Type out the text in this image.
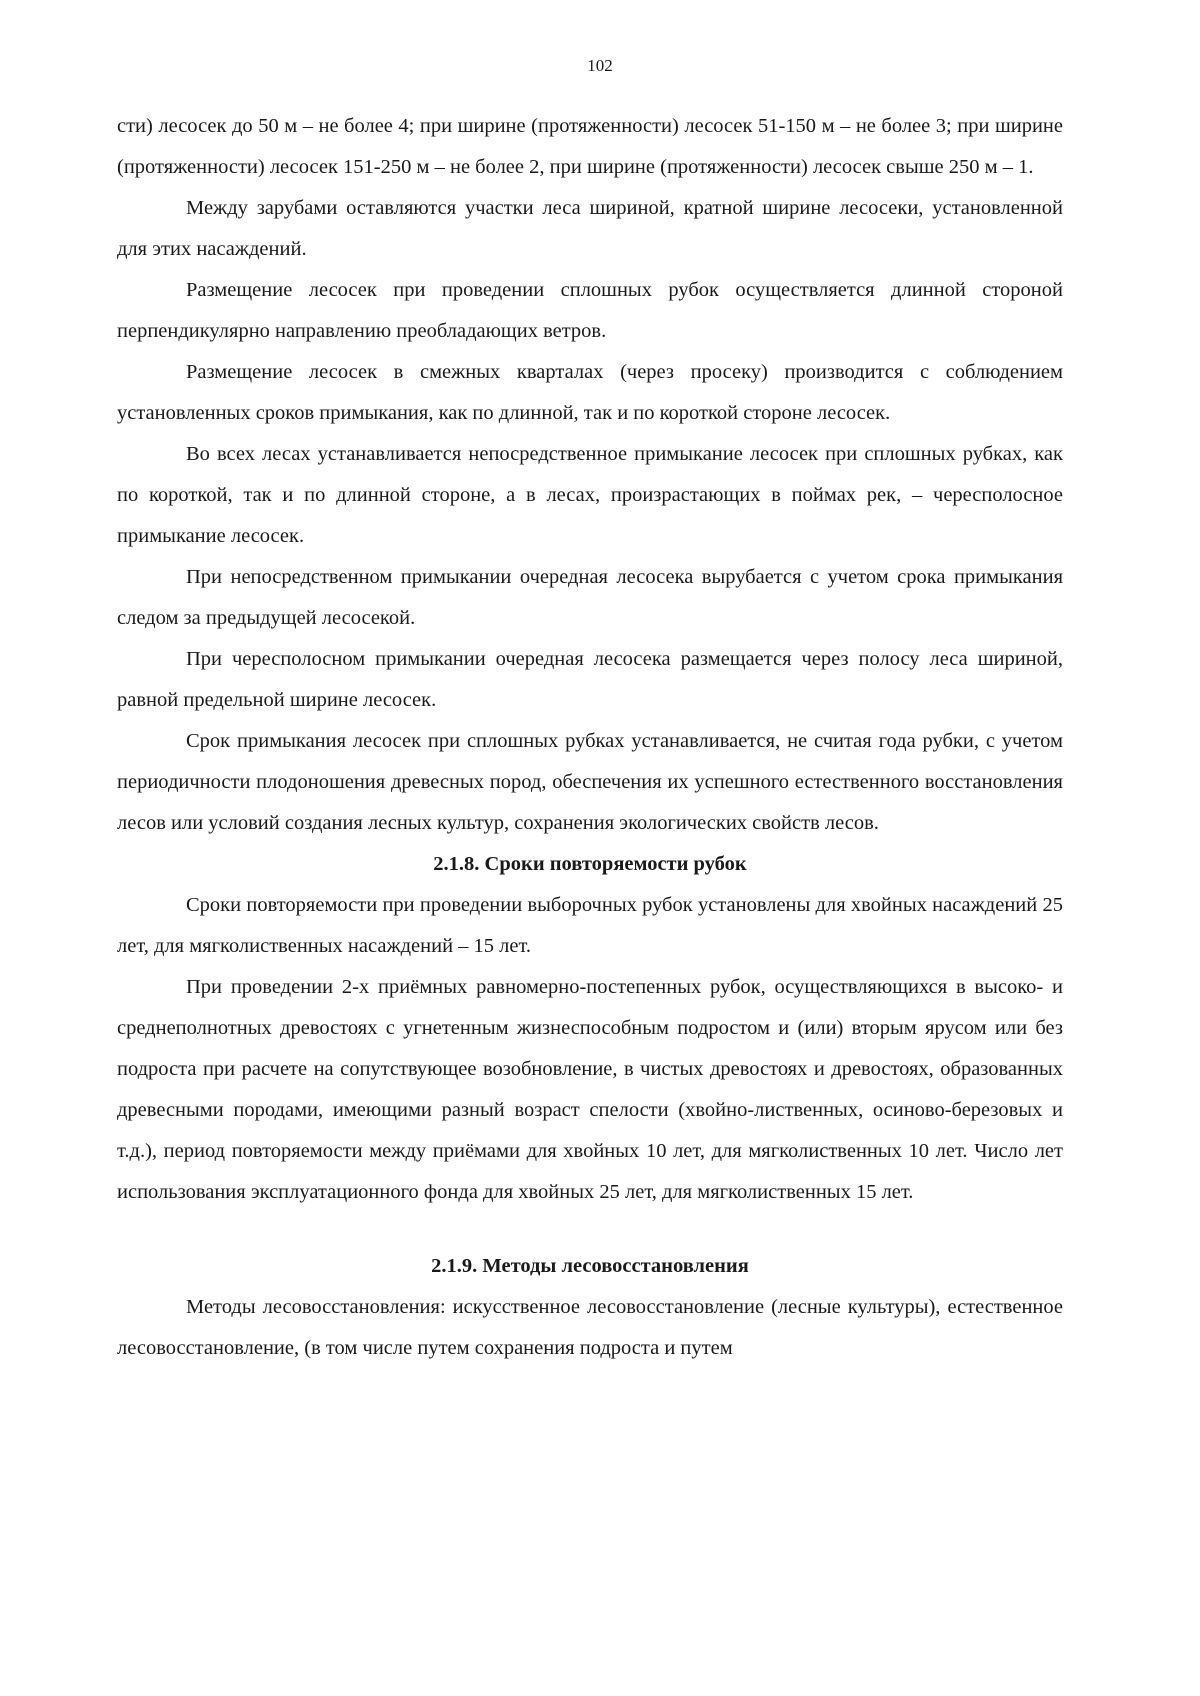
102

сти) лесосек до 50 м – не более 4; при ширине (протяженности) лесосек 51-150 м – не более 3; при ширине (протяженности) лесосек 151-250 м – не более 2, при ширине (протяженности) лесосек свыше 250 м – 1.

Между зарубами оставляются участки леса шириной, кратной ширине лесосеки, установленной для этих насаждений.

Размещение лесосек при проведении сплошных рубок осуществляется длинной стороной перпендикулярно направлению преобладающих ветров.

Размещение лесосек в смежных кварталах (через просеку) производится с соблюдением установленных сроков примыкания, как по длинной, так и по короткой стороне лесосек.

Во всех лесах устанавливается непосредственное примыкание лесосек при сплошных рубках, как по короткой, так и по длинной стороне, а в лесах, произрастающих в поймах рек, – чересполосное примыкание лесосек.

При непосредственном примыкании очередная лесосека вырубается с учетом срока примыкания следом за предыдущей лесосекой.

При чересполосном примыкании очередная лесосека размещается через полосу леса шириной, равной предельной ширине лесосек.

Срок примыкания лесосек при сплошных рубках устанавливается, не считая года рубки, с учетом периодичности плодоношения древесных пород, обеспечения их успешного естественного восстановления лесов или условий создания лесных культур, сохранения экологических свойств лесов.

2.1.8. Сроки повторяемости рубок

Сроки повторяемости при проведении выборочных рубок установлены для хвойных насаждений 25 лет, для мягколиственных насаждений – 15 лет.

При проведении 2-х приёмных равномерно-постепенных рубок, осуществляющихся в высоко- и среднеполнотных древостоях с угнетенным жизнеспособным подростом и (или) вторым ярусом или без подроста при расчете на сопутствующее возобновление, в чистых древостоях и древостоях, образованных древесными породами, имеющими разный возраст спелости (хвойно-лиственных, осиново-березовых и т.д.), период повторяемости между приёмами для хвойных 10 лет, для мягколиственных 10 лет. Число лет использования эксплуатационного фонда для хвойных 25 лет, для мягколиственных 15 лет.

2.1.9. Методы лесовосстановления

Методы лесовосстановления: искусственное лесовосстановление (лесные культуры), естественное лесовосстановление, (в том числе путем сохранения подроста и путем
